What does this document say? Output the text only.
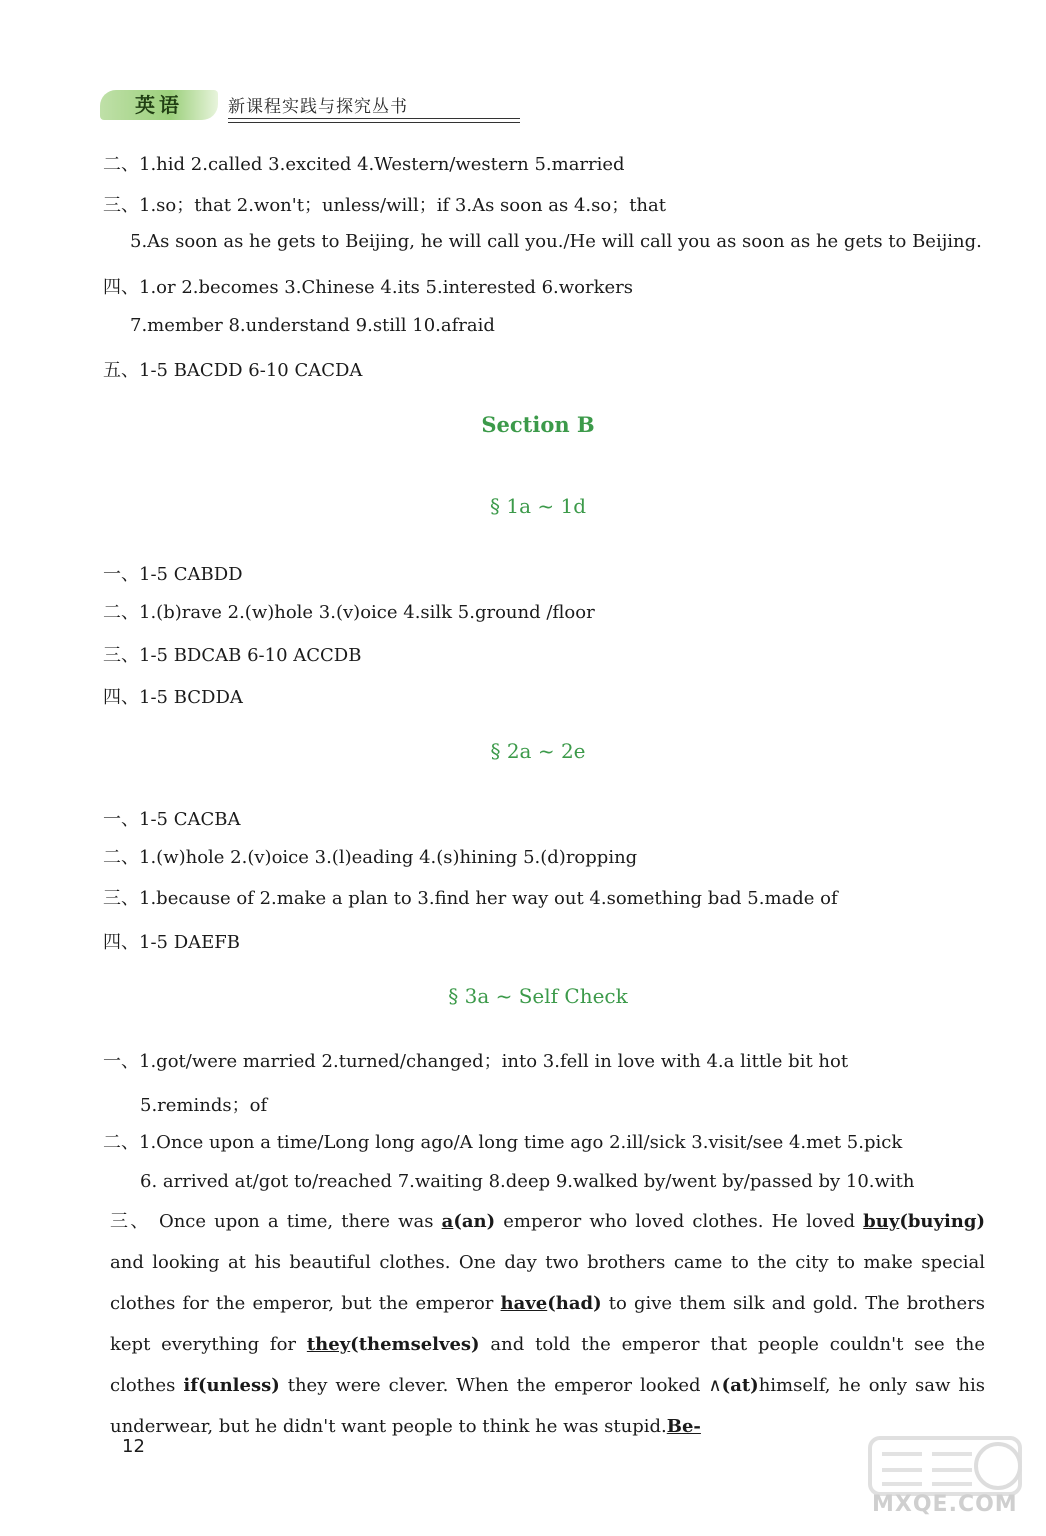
英语	新课程实践与探究丛书
二、1.hid 2.called 3.excited 4.Western/western 5.married
三、1.so；that 2.won't；unless/will；if 3.As soon as 4.so；that
5.As soon as he gets to Beijing, he will call you./He will call you as soon as he gets to Beijing.
四、1.or 2.becomes 3.Chinese 4.its 5.interested 6.workers
7.member 8.understand 9.still 10.afraid
五、1-5 BACDD 6-10 CACDA
Section B
§ 1a ~ 1d
一、1-5 CABDD
二、1.(b)rave 2.(w)hole 3.(v)oice 4.silk 5.ground /floor
三、1-5 BDCAB 6-10 ACCDB
四、1-5 BCDDA
§ 2a ~ 2e
一、1-5 CACBA
二、1.(w)hole 2.(v)oice 3.(l)eading 4.(s)hining 5.(d)ropping
三、1.because of 2.make a plan to 3.find her way out 4.something bad 5.made of
四、1-5 DAEFB
§ 3a ~ Self Check
一、1.got/were married 2.turned/changed；into 3.fell in love with 4.a little bit hot
5.reminds；of
二、1.Once upon a time/Long long ago/A long time ago 2.ill/sick 3.visit/see 4.met 5.pick
6. arrived at/got to/reached 7.waiting 8.deep 9.walked by/went by/passed by 10.with
三、 Once upon a time, there was a(an) emperor who loved clothes. He loved buy(buying) and looking at his beautiful clothes. One day two brothers came to the city to make special clothes for the emperor, but the emperor have(had) to give them silk and gold. The brothers kept everything for they(themselves) and told the emperor that people couldn't see the clothes if(unless) they were clever. When the emperor looked ∧(at)himself, he only saw his underwear, but he didn't want people to think he was stupid.Be-
12
MXQE.COM
